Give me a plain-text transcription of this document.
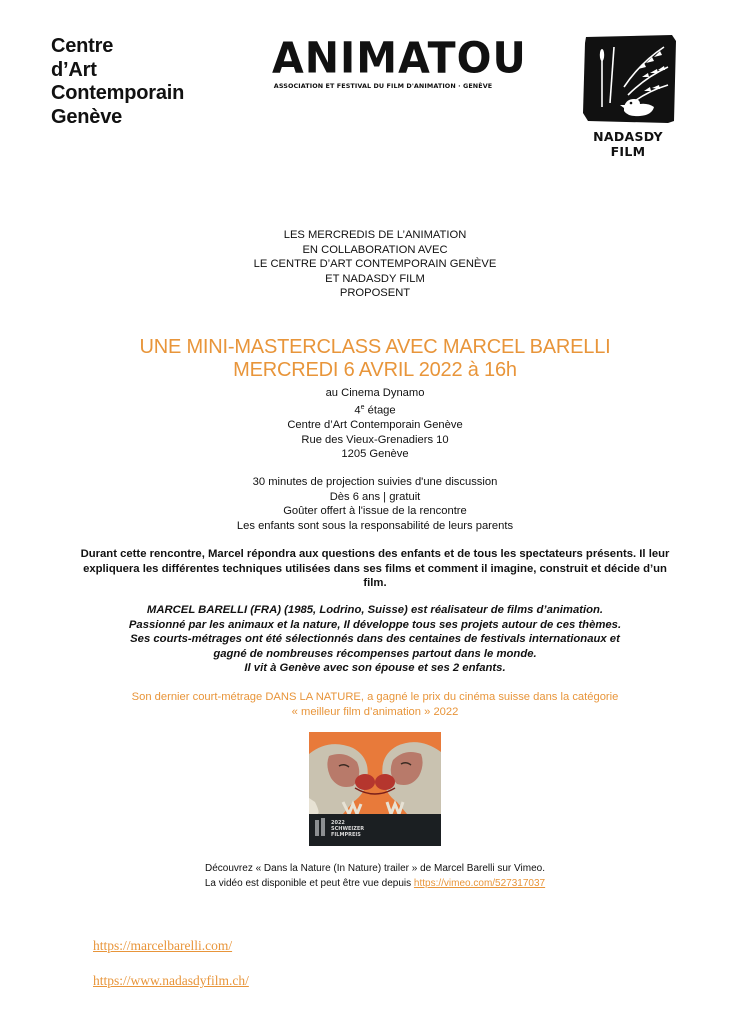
Centre
d’Art
Contemporain
Genève
ANIMATOU
ASSOCIATION ET FESTIVAL DU FILM D'ANIMATION · GENÈVE
NADASDY FILM
LES MERCREDIS DE L’ANIMATION
EN COLLABORATION AVEC
LE CENTRE D’ART CONTEMPORAIN GENÈVE
ET NADASDY FILM
PROPOSENT
UNE MINI-MASTERCLASS AVEC MARCEL BARELLI
MERCREDI 6 AVRIL 2022 à 16h
au Cinema Dynamo
4e étage
Centre d’Art Contemporain Genève
Rue des Vieux-Grenadiers 10
1205 Genève
30 minutes de projection suivies d'une discussion
Dès 6 ans | gratuit
Goûter offert à l'issue de la rencontre
Les enfants sont sous la responsabilité de leurs parents
Durant cette rencontre, Marcel répondra aux questions des enfants et de tous les spectateurs présents. Il leur expliquera les différentes techniques utilisées dans ses films et comment il imagine, construit et décide d’un film.
MARCEL BARELLI (FRA) (1985, Lodrino, Suisse) est réalisateur de films d’animation.
Passionné par les animaux et la nature, Il développe tous ses projets autour de ces thèmes.
Ses courts-métrages ont été sélectionnés dans des centaines de festivals internationaux et
gagné de nombreuses récompenses partout dans le monde.
Il vit à Genève avec son épouse et ses 2 enfants.
Son dernier court-métrage DANS LA NATURE, a gagné le prix du cinéma suisse dans la catégorie
« meilleur film d’animation » 2022
2022
SCHWEIZER
FILMPREIS
Découvrez « Dans la Nature (In Nature) trailer » de Marcel Barelli sur Vimeo.
La vidéo est disponible et peut être vue depuis https://vimeo.com/527317037
https://marcelbarelli.com/
https://www.nadasdyfilm.ch/
